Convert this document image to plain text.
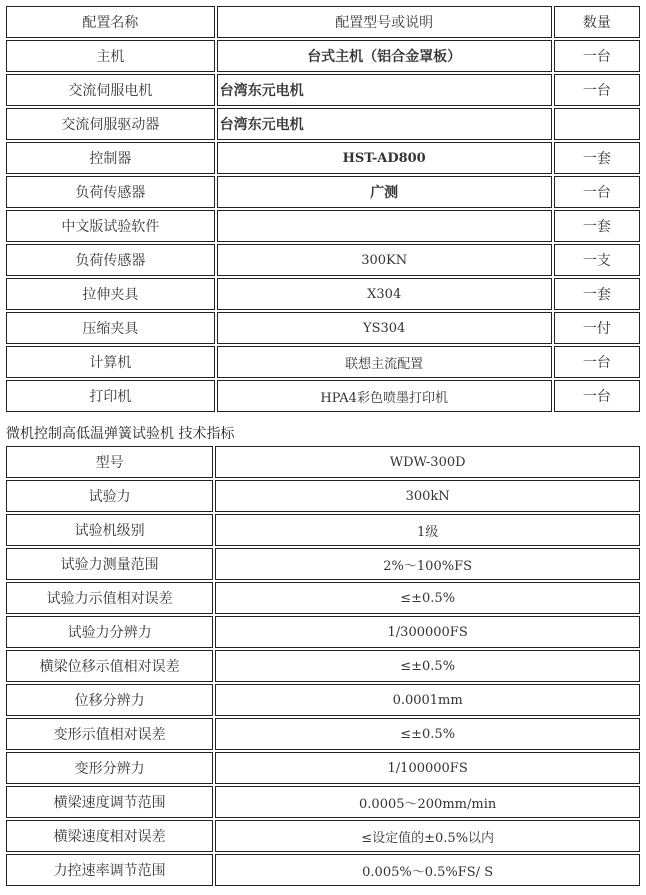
配置名称	配置型号或说明	数量
主机	台式主机（铝合金罩板）	一台
交流伺服电机	台湾东元电机	一台
交流伺服驱动器	台湾东元电机	
控制器	HST-AD800	一套
负荷传感器	广测	一台
中文版试验软件		一套
负荷传感器	300KN	一支
拉伸夹具	X304	一套
压缩夹具	YS304	一付
计算机	联想主流配置	一台
打印机	HPA4彩色喷墨打印机	一台
微机控制高低温弹簧试验机 技术指标
型号	WDW-300D
试验力	300kN
试验机级别	1级
试验力测量范围	2%～100%FS
试验力示值相对误差	≤±0.5%
试验力分辨力	1/300000FS
横梁位移示值相对误差	≤±0.5%
位移分辨力	0.0001mm
变形示值相对误差	≤±0.5%
变形分辨力	1/100000FS
横梁速度调节范围	0.0005～200mm/min
横梁速度相对误差	≤设定值的±0.5%以内
力控速率调节范围	0.005%～0.5%FS/ S
